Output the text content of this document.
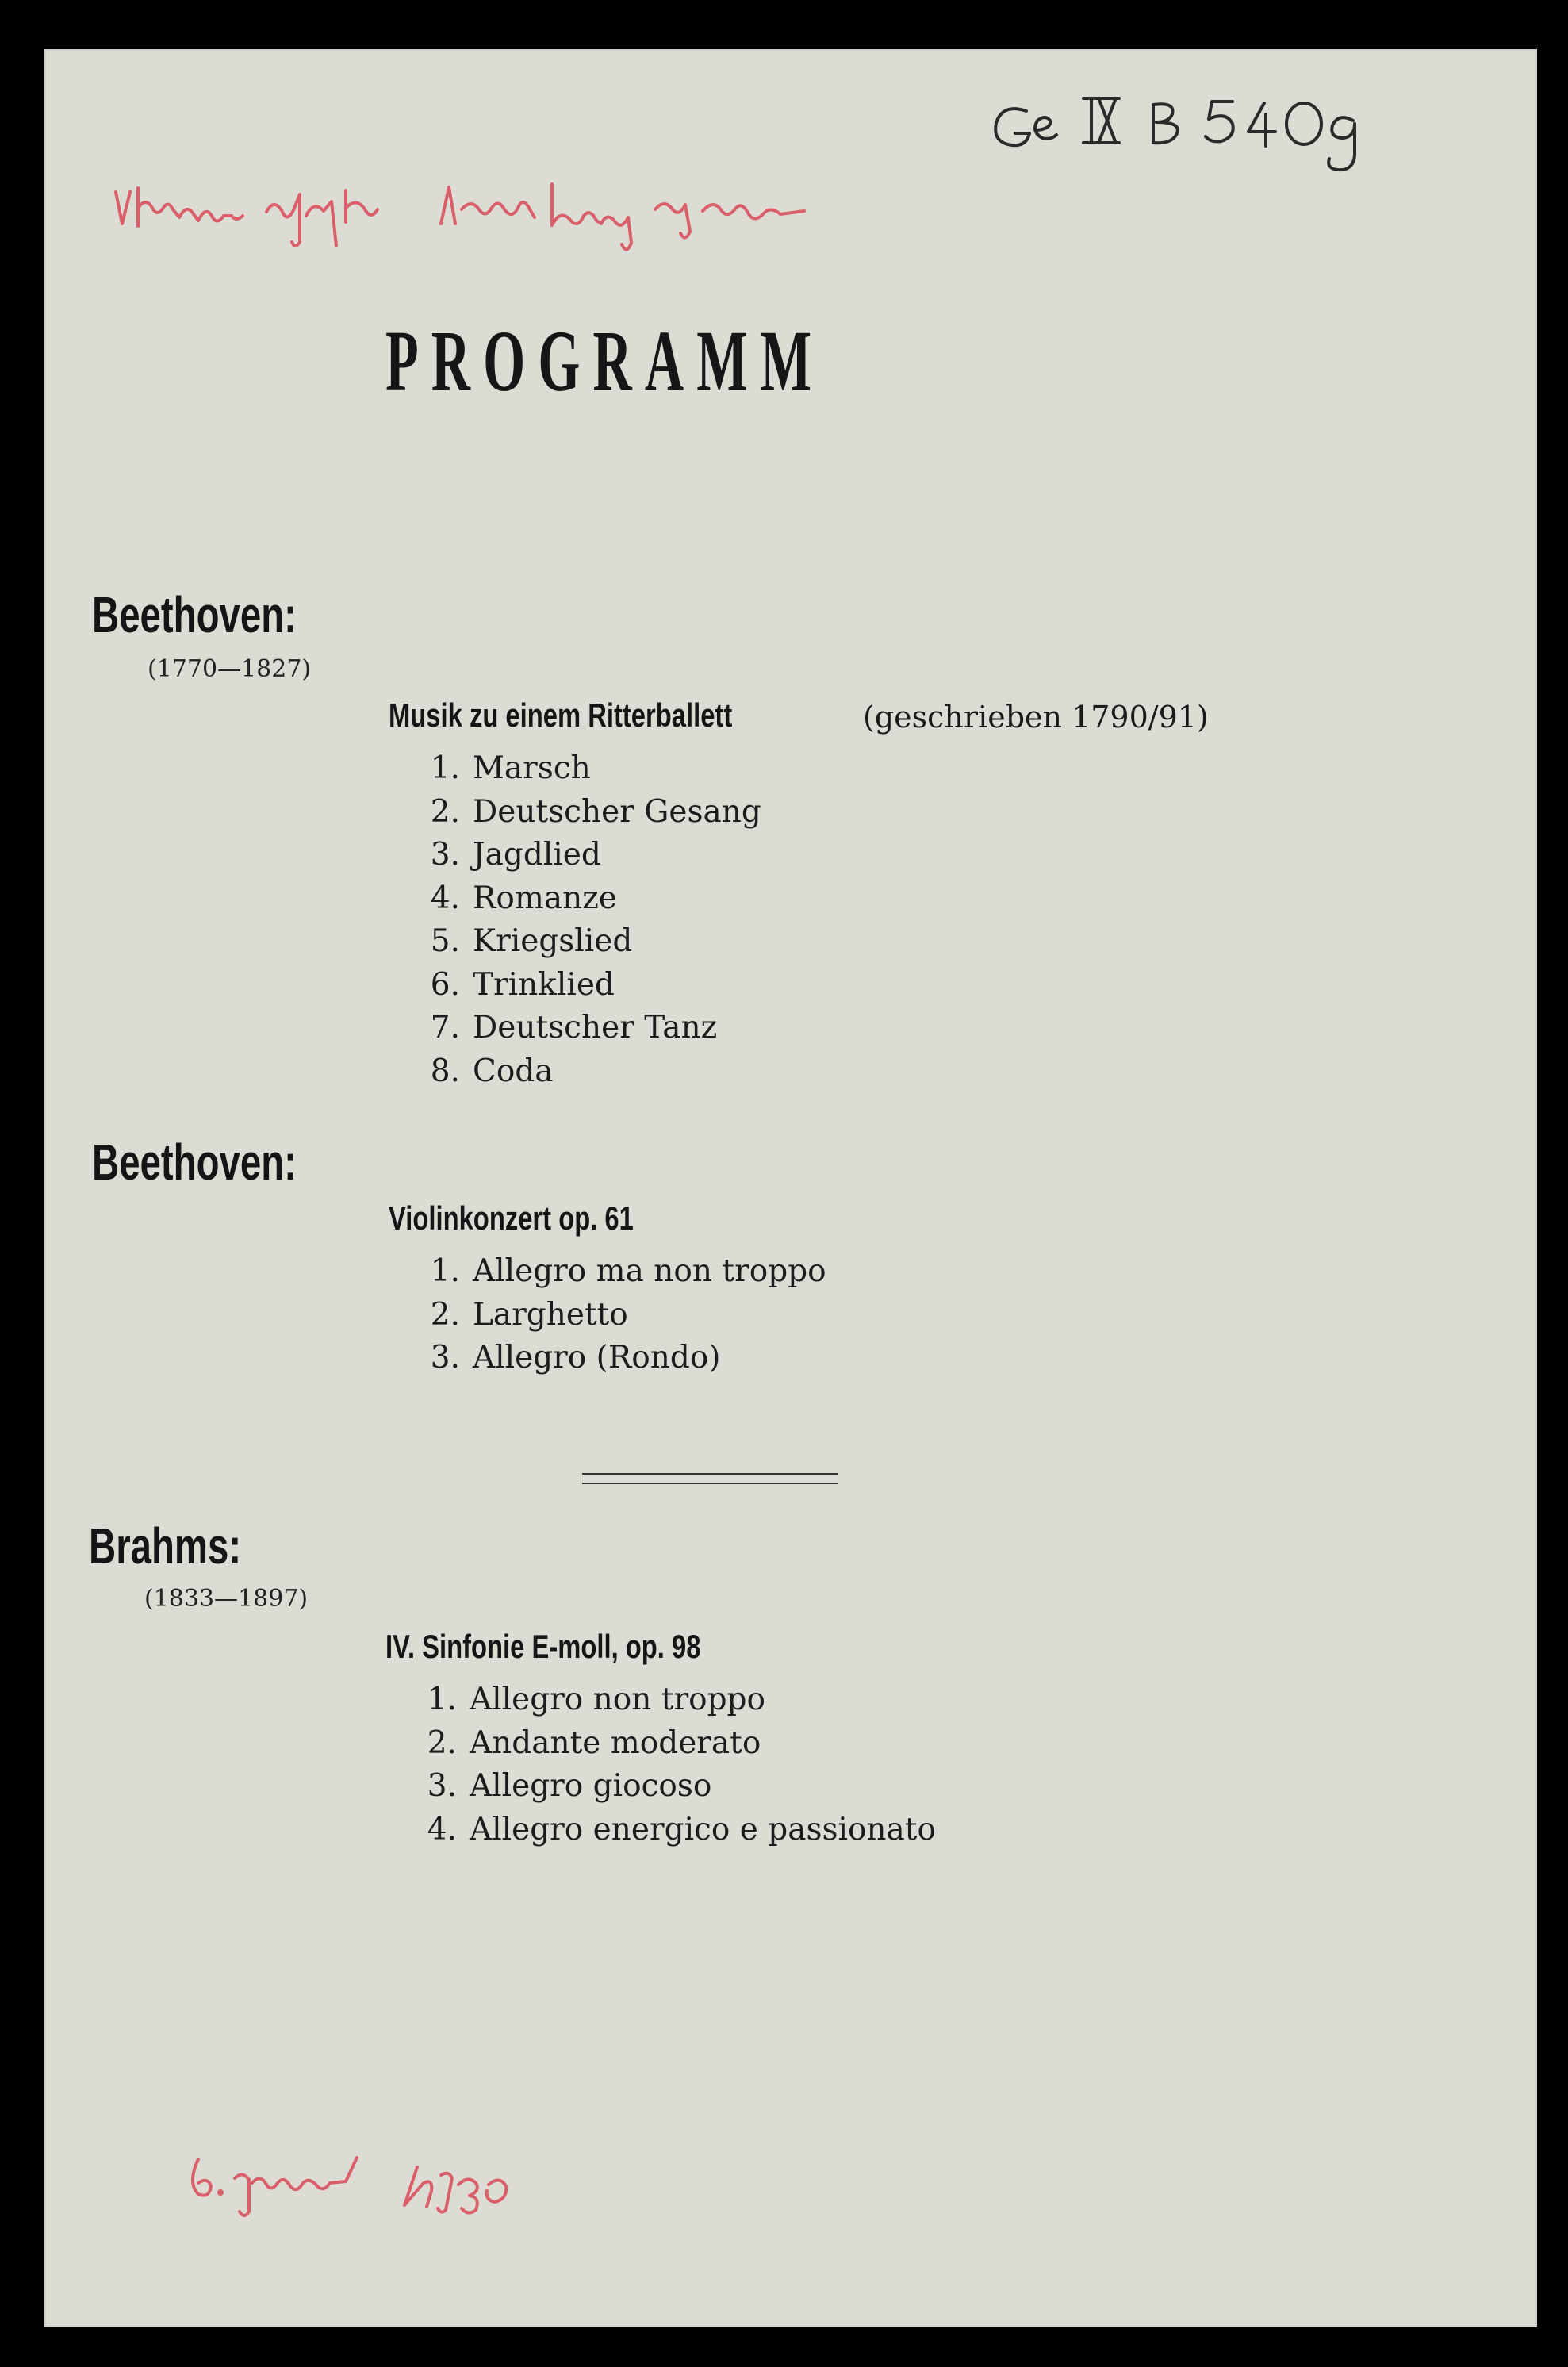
PROGRAMM
Beethoven:
(1770—1827)
Musik zu einem Ritterballett	(geschrieben 1790/91)
1. Marsch
2. Deutscher Gesang
3. Jagdlied
4. Romanze
5. Kriegslied
6. Trinklied
7. Deutscher Tanz
8. Coda
Beethoven:
Violinkonzert op. 61
1. Allegro ma non troppo
2. Larghetto
3. Allegro (Rondo)
Brahms:
(1833—1897)
IV. Sinfonie E-moll, op. 98
1. Allegro non troppo
2. Andante moderato
3. Allegro giocoso
4. Allegro energico e passionato
